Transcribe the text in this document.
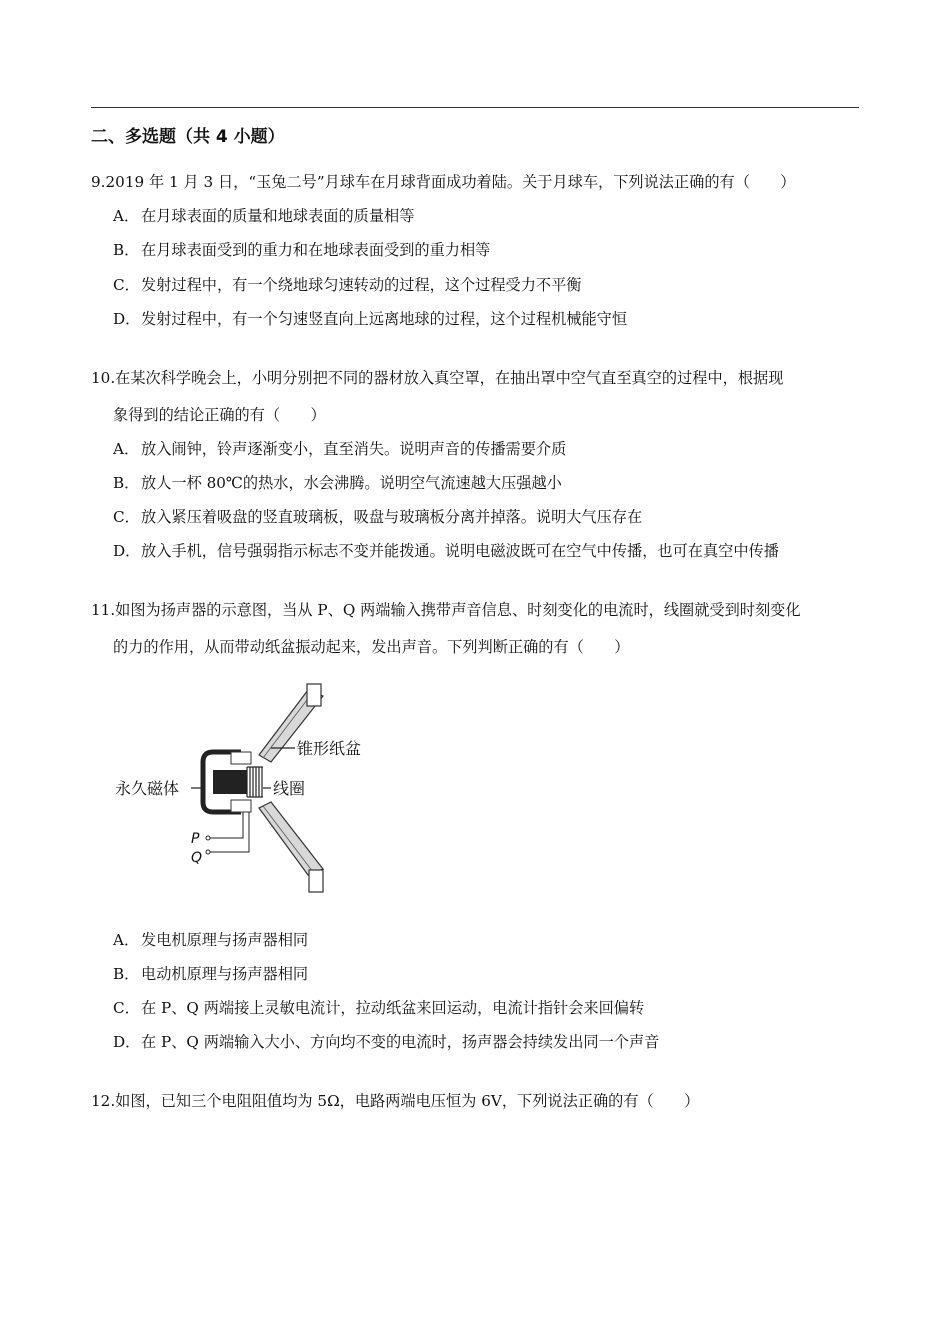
二、多选题（共 4 小题）
9.2019 年 1 月 3 日，“玉兔二号”月球车在月球背面成功着陆。关于月球车，下列说法正确的有（　　）
A． 在月球表面的质量和地球表面的质量相等
B． 在月球表面受到的重力和在地球表面受到的重力相等
C．发射过程中，有一个绕地球匀速转动的过程，这个过程受力不平衡
D．发射过程中，有一个匀速竖直向上远离地球的过程，这个过程机械能守恒
10.在某次科学晚会上，小明分别把不同的器材放入真空罩，在抽出罩中空气直至真空的过程中，根据现
象得到的结论正确的有（　　）
A． 放入闹钟，铃声逐渐变小，直至消失。说明声音的传播需要介质
B． 放人一杯 80℃的热水，水会沸腾。说明空气流速越大压强越小
C．放入紧压着吸盘的竖直玻璃板，吸盘与玻璃板分离并掉落。说明大气压存在
D．放入手机，信号强弱指示标志不变并能拨通。说明电磁波既可在空气中传播，也可在真空中传播
11.如图为扬声器的示意图，当从 P、Q 两端输入携带声音信息、时刻变化的电流时，线圈就受到时刻变化
的力的作用，从而带动纸盆振动起来，发出声音。下列判断正确的有（　　）
锥形纸盆
永久磁体	线圈
P
Q
A． 发电机原理与扬声器相同
B． 电动机原理与扬声器相同
C．在 P、Q 两端接上灵敏电流计，拉动纸盆来回运动，电流计指针会来回偏转
D．在 P、Q 两端输入大小、方向均不变的电流时，扬声器会持续发出同一个声音
12.如图，已知三个电阻阻值均为 5Ω，电路两端电压恒为 6V，下列说法正确的有（　　）
